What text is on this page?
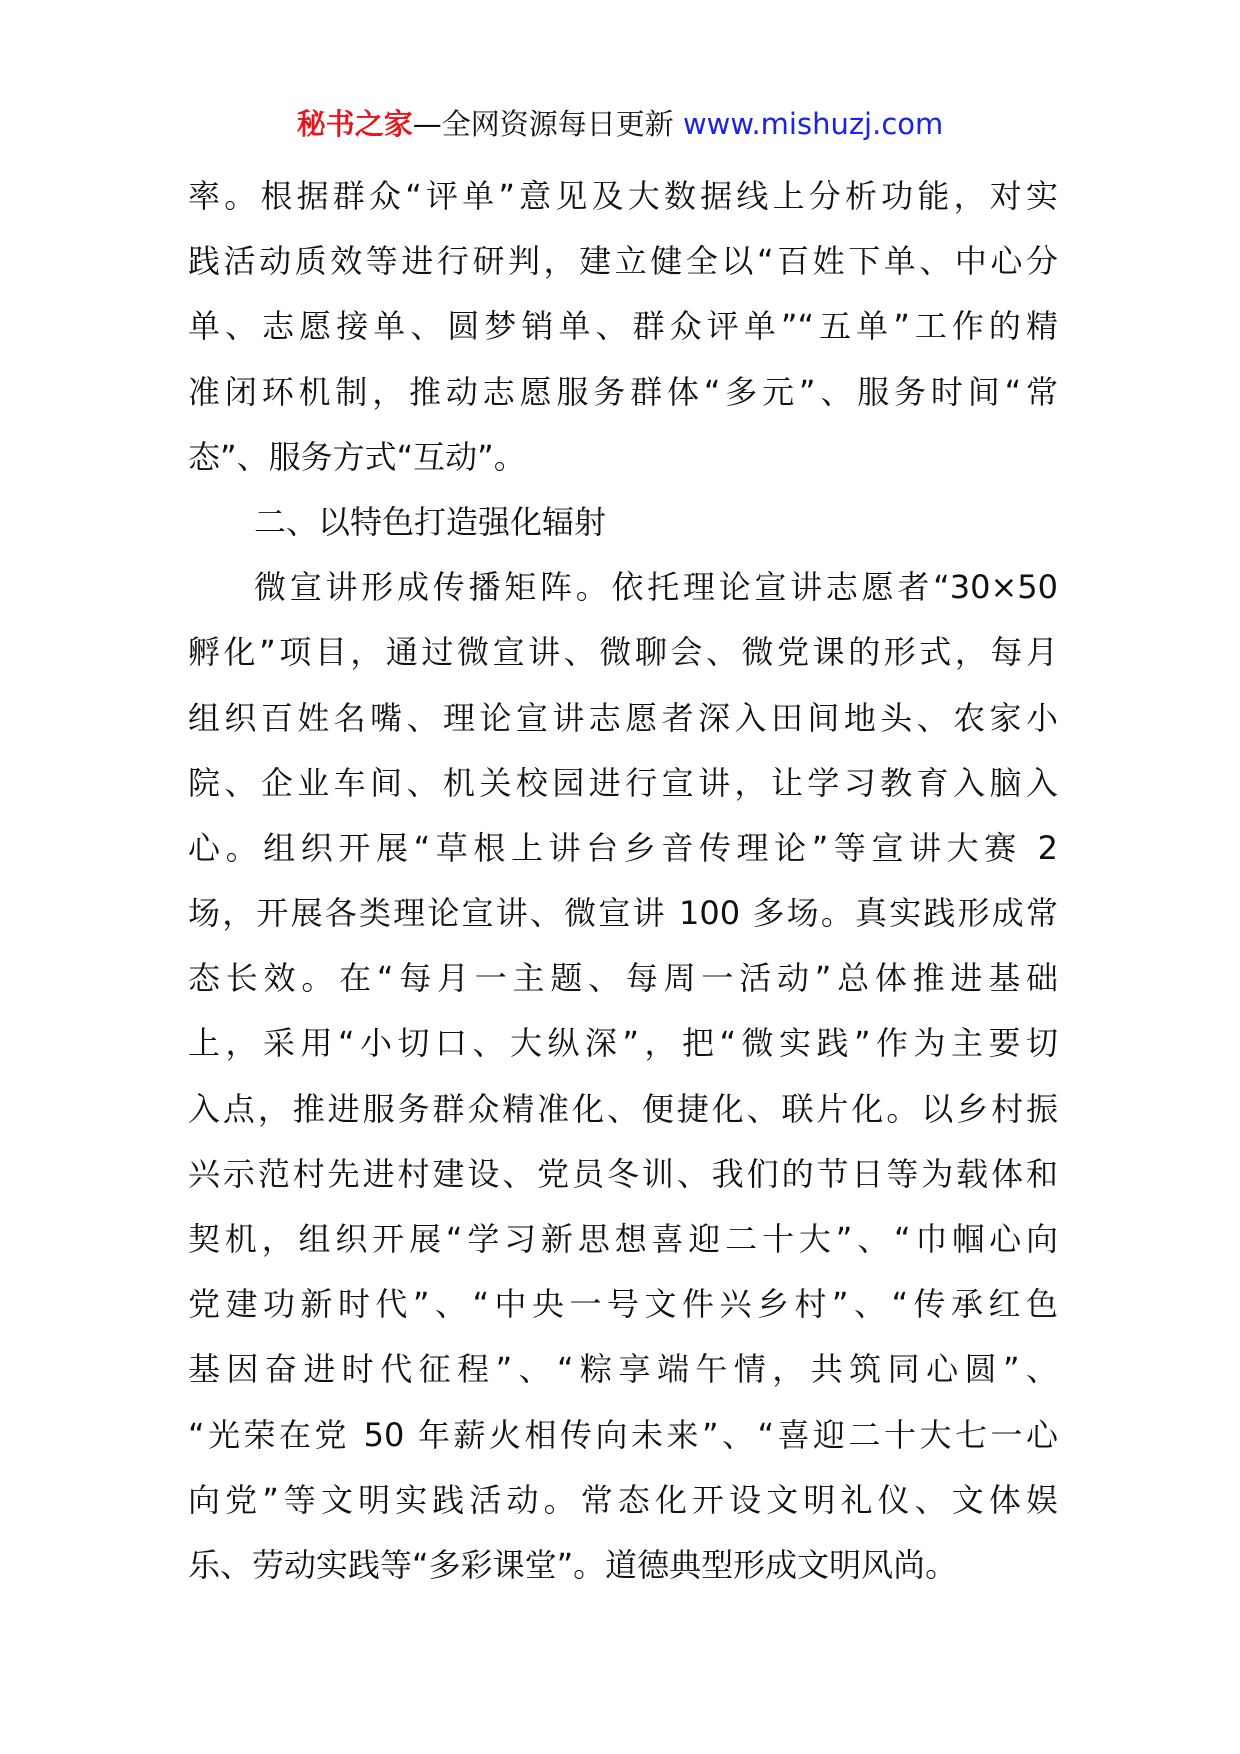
秘书之家—全网资源每日更新 www.mishuzj.com
率。根据群众“评单”意见及大数据线上分析功能，对实
践活动质效等进行研判，建立健全以“百姓下单、中心分
单、志愿接单、圆梦销单、群众评单”“五单”工作的精
准闭环机制，推动志愿服务群体“多元”、服务时间“常
态”、服务方式“互动”。
二、以特色打造强化辐射
微宣讲形成传播矩阵。依托理论宣讲志愿者“30×50
孵化”项目，通过微宣讲、微聊会、微党课的形式，每月
组织百姓名嘴、理论宣讲志愿者深入田间地头、农家小
院、企业车间、机关校园进行宣讲，让学习教育入脑入
心。组织开展“草根上讲台乡音传理论”等宣讲大赛 2
场，开展各类理论宣讲、微宣讲 100 多场。真实践形成常
态长效。在“每月一主题、每周一活动”总体推进基础
上，采用“小切口、大纵深”，把“微实践”作为主要切
入点，推进服务群众精准化、便捷化、联片化。以乡村振
兴示范村先进村建设、党员冬训、我们的节日等为载体和
契机，组织开展“学习新思想喜迎二十大”、“巾帼心向
党建功新时代”、“中央一号文件兴乡村”、“传承红色
基因奋进时代征程”、“粽享端午情，共筑同心圆”、
“光荣在党 50 年薪火相传向未来”、“喜迎二十大七一心
向党”等文明实践活动。常态化开设文明礼仪、文体娱
乐、劳动实践等“多彩课堂”。道德典型形成文明风尚。
